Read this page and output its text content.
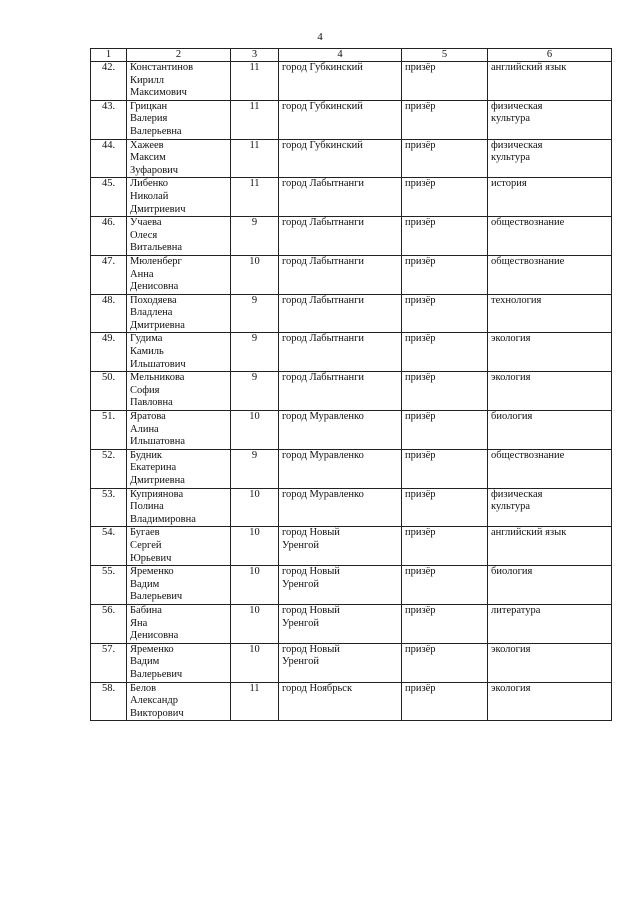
4
1	2	3	4	5	6
42.	Константинов
Кирилл
Максимович	11	город Губкинский	призёр	английский язык

43.	Грицкан
Валерия
Валерьевна	11	город Губкинский	призёр	физическая
культура

44.	Хажеев
Максим
Зуфарович	11	город Губкинский	призёр	физическая
культура

45.	Либенко
Николай
Дмитриевич	11	город Лабытнанги	призёр	история

46.	Учаева
Олеся
Витальевна	9	город Лабытнанги	призёр	обществознание

47.	Мюленберг
Анна
Денисовна	10	город Лабытнанги	призёр	обществознание

48.	Походяева
Владлена
Дмитриевна	9	город Лабытнанги	призёр	технология

49.	Гудима
Камиль
Ильшатович	9	город Лабытнанги	призёр	экология

50.	Мельникова
София
Павловна	9	город Лабытнанги	призёр	экология

51.	Яратова
Алина
Ильшатовна	10	город Муравленко	призёр	биология

52.	Будник
Екатерина
Дмитриевна	9	город Муравленко	призёр	обществознание

53.	Куприянова
Полина
Владимировна	10	город Муравленко	призёр	физическая
культура

54.	Бугаев
Сергей
Юрьевич	10	город Новый
Уренгой	призёр	английский язык

55.	Яременко
Вадим
Валерьевич	10	город Новый
Уренгой	призёр	биология

56.	Бабина
Яна
Денисовна	10	город Новый
Уренгой	призёр	литература

57.	Яременко
Вадим
Валерьевич	10	город Новый
Уренгой	призёр	экология

58.	Белов
Александр
Викторович	11	город Ноябрьск	призёр	экология
